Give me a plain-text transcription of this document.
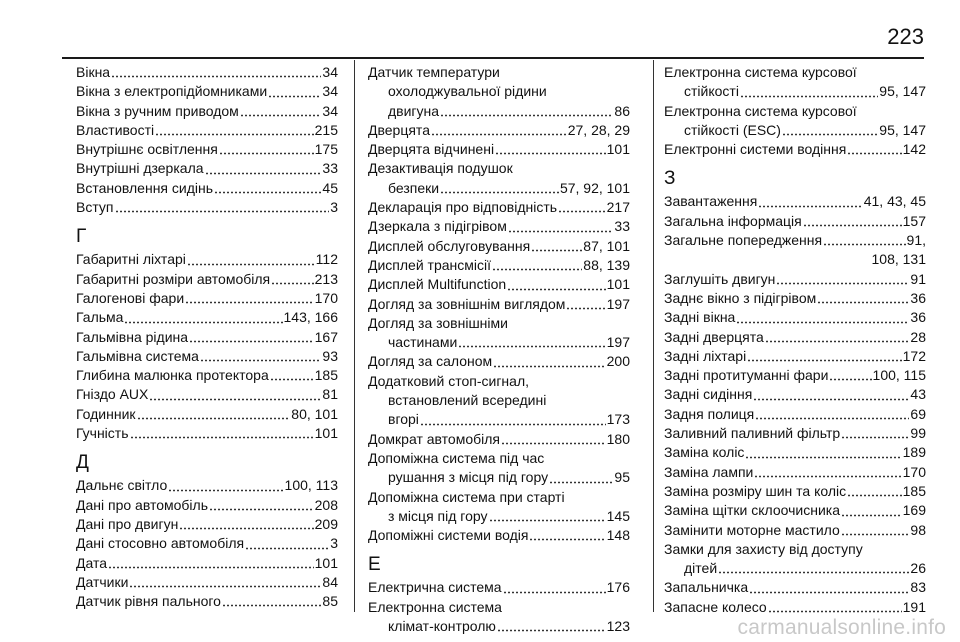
223
Вікна	34
Вікна з електропідйомниками	34
Вікна з ручним приводом	34
Властивості	215
Внутрішнє освітлення	175
Внутрішні дзеркала	33
Встановлення сидінь	45
Вступ	3
Г
Габаритні ліхтарі	112
Габаритні розміри автомобіля	213
Галогенові фари	170
Гальма	143, 166
Гальмівна рідина	167
Гальмівна система	93
Глибина малюнка протектора	185
Гніздо AUX	81
Годинник	80, 101
Гучність	101
Д
Дальнє світло	100, 113
Дані про автомобіль	208
Дані про двигун	209
Дані стосовно автомобіля	3
Дата	101
Датчики	84
Датчик рівня пального	85
Датчик температури
охолоджувальної рідини
двигуна	86
Дверцята	27, 28, 29
Дверцята відчинені	101
Дезактивація подушок
безпеки	57, 92, 101
Декларація про відповідність	217
Дзеркала з підігрівом	33
Дисплей обслуговування	87, 101
Дисплей трансмісії	88, 139
Дисплей Multifunction	101
Догляд за зовнішнім виглядом	197
Догляд за зовнішніми
частинами	197
Догляд за салоном	200
Додатковий стоп-сигнал,
встановлений всередині
вгорі	173
Домкрат автомобіля	180
Допоміжна система під час
рушання з місця під гору	95
Допоміжна система при старті
з місця під гору	145
Допоміжні системи водія	148
Е
Електрична система	176
Електронна система
клімат-контролю	123
Електронна система курсової
стійкості	95, 147
Електронна система курсової
стійкості (ESC)	95, 147
Електронні системи водіння	142
З
Завантаження	41, 43, 45
Загальна інформація	157
Загальне попередження	91,
108, 131
Заглушіть двигун	91
Заднє вікно з підігрівом	36
Задні вікна	36
Задні дверцята	28
Задні ліхтарі	172
Задні протитуманні фари	100, 115
Задні сидіння	43
Задня полиця	69
Заливний паливний фільтр	99
Заміна коліс	189
Заміна лампи	170
Заміна розміру шин та коліс	185
Заміна щітки склоочисника	169
Замінити моторне мастило	98
Замки для захисту від доступу
дітей	26
Запальничка	83
Запасне колесо	191
carmanualsonline.info
